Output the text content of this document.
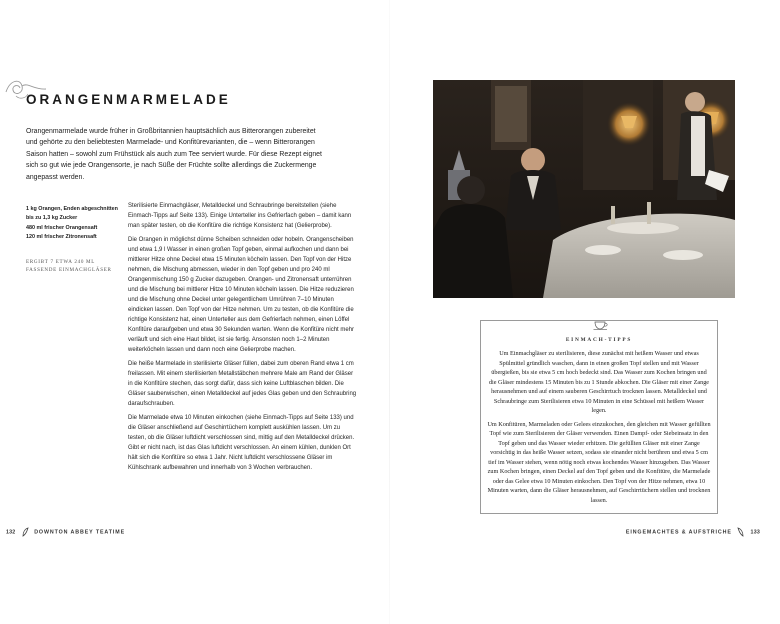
ORANGENMARMELADE

Orangenmarmelade wurde früher in Großbritannien hauptsächlich aus Bitterorangen zubereitet und gehörte zu den beliebtesten Marmelade- und Konfitürevarianten, die – wenn Bitterorangen Saison hatten – sowohl zum Frühstück als auch zum Tee serviert wurde. Für diese Rezept eignet sich so gut wie jede Orangensorte, je nach Süße der Früchte sollte allerdings die Zuckermenge angepasst werden.

1 kg Orangen, Enden abgeschnitten
bis zu 1,3 kg Zucker
480 ml frischer Orangensaft
120 ml frischer Zitronensaft

ERGIBT 7 ETWA 240 ML FASSENDE EINMACHGLÄSER

Sterilisierte Einmachgläser, Metalldeckel und Schraubringe bereitstellen (siehe Einmach-Tipps auf Seite 133). Einige Unterteller ins Gefrierfach geben – damit kann man später testen, ob die Konfitüre die richtige Konsistenz hat (Gelierprobe).

Die Orangen in möglichst dünne Scheiben schneiden oder hobeln. Orangenscheiben und etwa 1,9 l Wasser in einen großen Topf geben, einmal aufkochen und dann bei mittlerer Hitze ohne Deckel etwa 15 Minuten köcheln lassen. Den Topf von der Hitze nehmen, die Mischung abmessen, wieder in den Topf geben und pro 240 ml Orangenmischung 150 g Zucker dazugeben. Orangen- und Zitronensaft unterrühren und die Mischung bei mittlerer Hitze 10 Minuten köcheln lassen. Die Hitze reduzieren und die Mischung ohne Deckel unter gelegentlichem Umrühren 7–10 Minuten eindicken lassen. Den Topf von der Hitze nehmen. Um zu testen, ob die Konfitüre die richtige Konsistenz hat, einen Unterteller aus dem Gefrierfach nehmen, einen Löffel Konfitüre daraufgeben und etwa 30 Sekunden warten. Wenn die Konfitüre nicht mehr verläuft und sich eine Haut bildet, ist sie fertig. Ansonsten noch 1–2 Minuten weiterköcheln lassen und dann noch eine Gelierprobe machen.

Die heiße Marmelade in sterilisierte Gläser füllen, dabei zum oberen Rand etwa 1 cm freilassen. Mit einem sterilisierten Metallstäbchen mehrere Male am Rand der Gläser in die Konfitüre stechen, das sorgt dafür, dass sich keine Luftblaschen bilden. Die Gläser sauberwischen, einen Metalldeckel auf jedes Glas geben und den Schraubring daraufschrauben.

Die Marmelade etwa 10 Minuten einkochen (siehe Einmach-Tipps auf Seite 133) und die Gläser anschließend auf Geschirrtüchern komplett auskühlen lassen. Um zu testen, ob die Gläser luftdicht verschlossen sind, mittig auf den Metalldeckel drücken. Gibt er nicht nach, ist das Glas luftdicht verschlossen. An einem kühlen, dunklen Ort hält sich die Konfitüre so etwa 1 Jahr. Nicht luftdicht verschlossene Gläser im Kühlschrank aufbewahren und innerhalb von 3 Wochen verbrauchen.

132	DOWNTON ABBEY TEATIME
EINMACH-TIPPS

Um Einmachgläser zu sterilisieren, diese zunächst mit heißem Wasser und etwas Spülmittel gründlich waschen, dann in einen großen Topf stellen und mit Wasser übergießen, bis sie etwa 5 cm hoch bedeckt sind. Das Wasser zum Kochen bringen und die Gläser mindestens 15 Minuten bis zu 1 Stunde abkochen. Die Gläser mit einer Zange herausnehmen und auf einem sauberen Geschirrtuch trocknen lassen. Metalldeckel und Schraubringe zum Sterilisieren etwa 10 Minuten in eine Schüssel mit heißem Wasser legen.

Um Konfitüren, Marmeladen oder Gelees einzukochen, den gleichen mit Wasser gefüllten Topf wie zum Sterilisieren der Gläser verwenden. Einen Dampf- oder Siebeinsatz in den Topf geben und das Wasser wieder erhitzen. Die gefüllten Gläser mit einer Zange vorsichtig in das heiße Wasser setzen, sodass sie einander nicht berühren und etwa 5 cm tief im Wasser stehen, wenn nötig noch etwas kochendes Wasser hinzugeben. Das Wasser zum Kochen bringen, einen Deckel auf den Topf geben und die Konfitüre, die Marmelade oder das Gelee etwa 10 Minuten einkochen. Den Topf von der Hitze nehmen, etwa 10 Minuten warten, dann die Gläser herausnehmen, auf Geschirrtüchern stellen und trocknen lassen.

EINGEMACHTES & AUFSTRICHE	133
